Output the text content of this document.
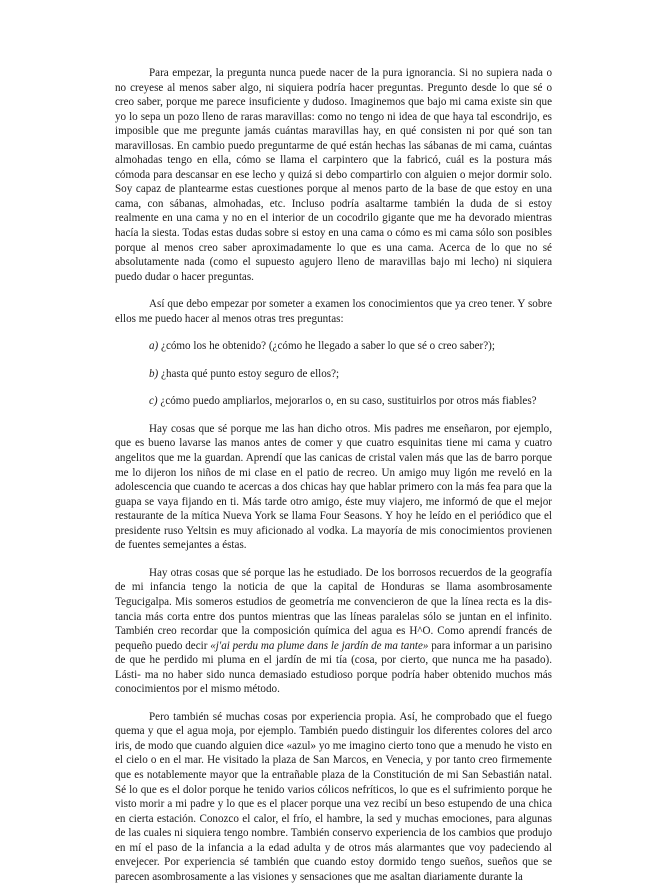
Para empezar, la pregunta nunca puede nacer de la pura ignorancia. Si no supiera nada o no creyese al menos saber algo, ni siquiera podría hacer preguntas. Pregunto desde lo que sé o creo saber, porque me parece insuficiente y dudoso. Imaginemos que bajo mi cama existe sin que yo lo sepa un pozo lleno de raras maravillas: como no tengo ni idea de que haya tal escondrijo, es imposible que me pregunte jamás cuántas maravillas hay, en qué consisten ni por qué son tan maravillosas. En cambio puedo preguntarme de qué están hechas las sábanas de mi cama, cuántas almohadas tengo en ella, cómo se llama el carpintero que la fabricó, cuál es la postura más cómoda para descansar en ese lecho y quizá si debo compartirlo con alguien o mejor dormir solo. Soy capaz de plantearme estas cuestiones porque al menos parto de la base de que estoy en una cama, con sábanas, almohadas, etc. Incluso podría asaltarme también la duda de si estoy realmente en una cama y no en el interior de un cocodrilo gigante que me ha devorado mientras hacía la siesta. Todas estas dudas sobre si estoy en una cama o cómo es mi cama sólo son posibles porque al menos creo saber aproximadamente lo que es una cama. Acerca de lo que no sé absolutamente nada (como el supuesto agujero lleno de maravillas bajo mi lecho) ni siquiera puedo dudar o hacer preguntas.

Así que debo empezar por someter a examen los conocimientos que ya creo tener. Y sobre ellos me puedo hacer al menos otras tres preguntas:

a) ¿cómo los he obtenido? (¿cómo he llegado a saber lo que sé o creo saber?);

b) ¿hasta qué punto estoy seguro de ellos?;

c) ¿cómo puedo ampliarlos, mejorarlos o, en su caso, sustituirlos por otros más fiables?

Hay cosas que sé porque me las han dicho otros. Mis padres me enseñaron, por ejemplo, que es bueno lavarse las manos antes de comer y que cuatro esquinitas tiene mi cama y cuatro angelitos que me la guardan. Aprendí que las canicas de cristal valen más que las de barro porque me lo dijeron los niños de mi clase en el patio de recreo. Un amigo muy ligón me reveló en la adolescencia que cuando te acercas a dos chicas hay que hablar primero con la más fea para que la guapa se vaya fijando en ti. Más tarde otro amigo, éste muy viajero, me informó de que el mejor restaurante de la mítica Nueva York se llama Four Seasons. Y hoy he leído en el periódico que el presidente ruso Yeltsin es muy aficionado al vodka. La mayoría de mis conocimientos provienen de fuentes semejantes a éstas.

Hay otras cosas que sé porque las he estudiado. De los borrosos recuerdos de la geografía de mi infancia tengo la noticia de que la capital de Honduras se llama asombrosamente Tegucigalpa. Mis someros estudios de geometría me convencieron de que la línea recta es la dis- tancia más corta entre dos puntos mientras que las líneas paralelas sólo se juntan en el infinito. También creo recordar que la composición química del agua es H^O. Como aprendí francés de pequeño puedo decir «j'ai perdu ma plume dans le jardín de ma tante» para informar a un parisino de que he perdido mi pluma en el jardín de mi tía (cosa, por cierto, que nunca me ha pasado). Lásti- ma no haber sido nunca demasiado estudioso porque podría haber obtenido muchos más conocimientos por el mismo método.

Pero también sé muchas cosas por experiencia propia. Así, he comprobado que el fuego quema y que el agua moja, por ejemplo. También puedo distinguir los diferentes colores del arco iris, de modo que cuando alguien dice «azul» yo me imagino cierto tono que a menudo he visto en el cielo o en el mar. He visitado la plaza de San Marcos, en Venecia, y por tanto creo firmemente que es notablemente mayor que la entrañable plaza de la Constitución de mi San Sebastián natal. Sé lo que es el dolor porque he tenido varios cólicos nefríticos, lo que es el sufrimiento porque he visto morir a mi padre y lo que es el placer porque una vez recibí un beso estupendo de una chica en cierta estación. Conozco el calor, el frío, el hambre, la sed y muchas emociones, para algunas de las cuales ni siquiera tengo nombre. También conservo experiencia de los cambios que produjo en mí el paso de la infancia a la edad adulta y de otros más alarmantes que voy padeciendo al envejecer. Por experiencia sé también que cuando estoy dormido tengo sueños, sueños que se parecen asombrosamente a las visiones y sensaciones que me asaltan diariamente durante la
